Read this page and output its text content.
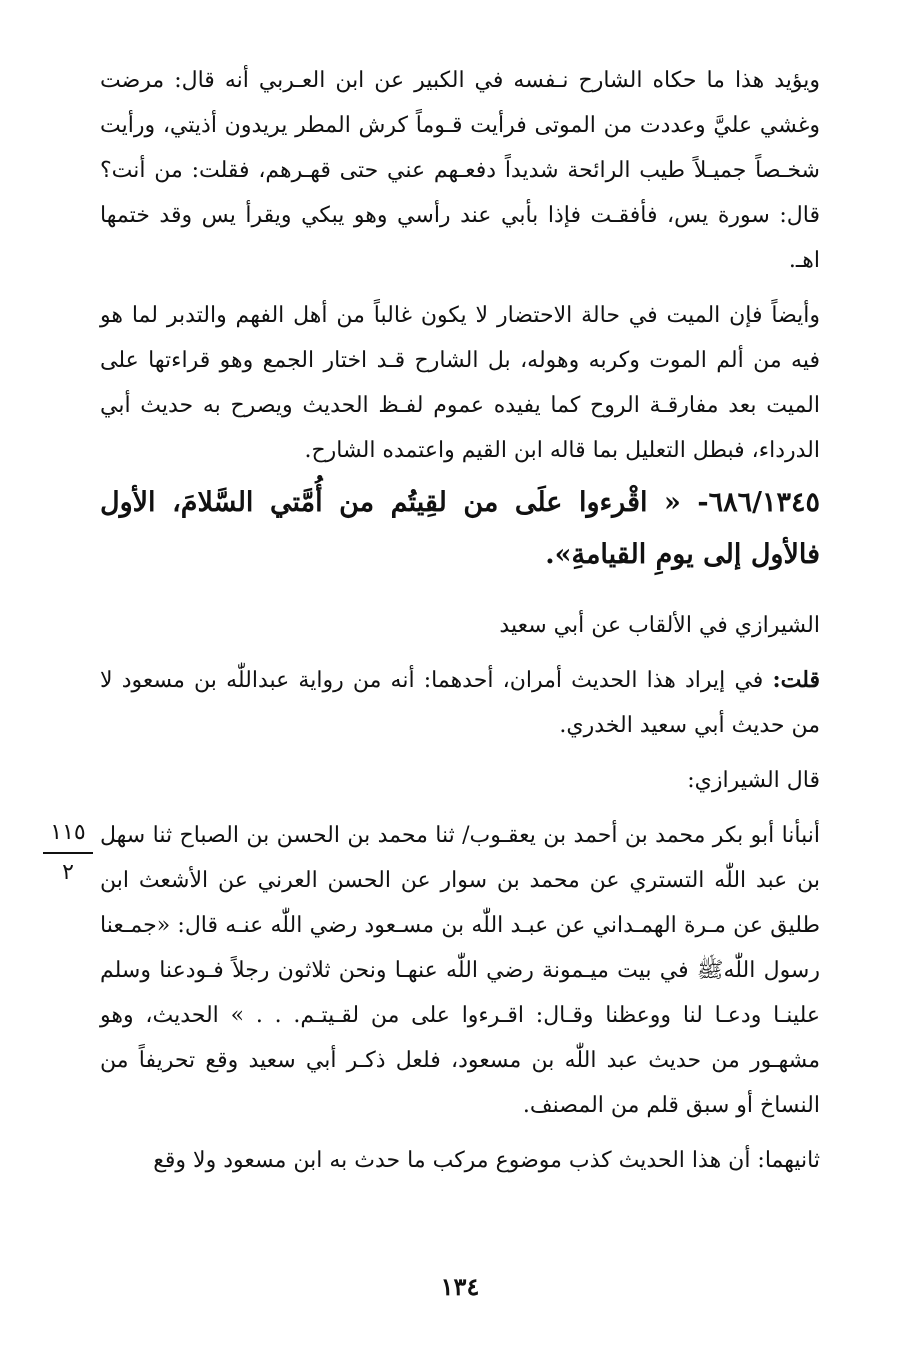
ويؤيد هذا ما حكاه الشارح نـفسه في الكبير عن ابن العـربي أنه قال: مرضت وغشي عليَّ وعددت من الموتى فرأيت قـوماً كرش المطر يريدون أذيتي، ورأيت شخـصاً جميـلاً طيب الرائحة شديداً دفعـهم عني حتى قهـرهم، فقلت: من أنت؟ قال: سورة يس، فأفقـت فإذا بأبي عند رأسي وهو يبكي ويقرأ يس وقد ختمها اهـ.

وأيضاً فإن الميت في حالة الاحتضار لا يكون غالباً من أهل الفهم والتدبر لما هو فيه من ألم الموت وكربه وهوله، بل الشارح قـد اختار الجمع وهو قراءتها على الميت بعد مفارقـة الروح كما يفيده عموم لفـظ الحديث ويصرح به حديث أبي الدرداء، فبطل التعليل بما قاله ابن القيم واعتمده الشارح.

٦٨٦/١٣٤٥- « اقْرءوا علَى من لقِيتُم من أُمَّتي السَّلامَ، الأول فالأول إلى يومِ القيامةِ».

الشيرازي في الألقاب عن أبي سعيد

قلت: في إيراد هذا الحديث أمران، أحدهما: أنه من رواية عبداللّٰه بن مسعود لا من حديث أبي سعيد الخدري.

قال الشيرازي:

أنبأنا أبو بكر محمد بن أحمد بن يعقـوب/ ثنا محمد بن الحسن بن الصباح ثنا سهل بن عبد اللّٰه التستري عن محمد بن سوار عن الحسن العرني عن الأشعث ابن طليق عن مـرة الهمـداني عن عبـد اللّٰه بن مسـعود رضي اللّٰه عنـه قال: «جمـعنا رسول اللّٰهﷺ في بيت ميـمونة رضي اللّٰه عنهـا ونحن ثلاثون رجلاً فـودعنا وسلم علينـا ودعـا لنا ووعظنا وقـال: اقـرءوا على من لقـيتـم. . . » الحديث، وهو مشهـور من حديث عبد اللّٰه بن مسعود، فلعل ذكـر أبي سعيد وقع تحريفاً من النساخ أو سبق قلم من المصنف.

ثانيهما: أن هذا الحديث كذب موضوع مركب ما حدث به ابن مسعود ولا وقع

١١٥
٢
١٣٤
